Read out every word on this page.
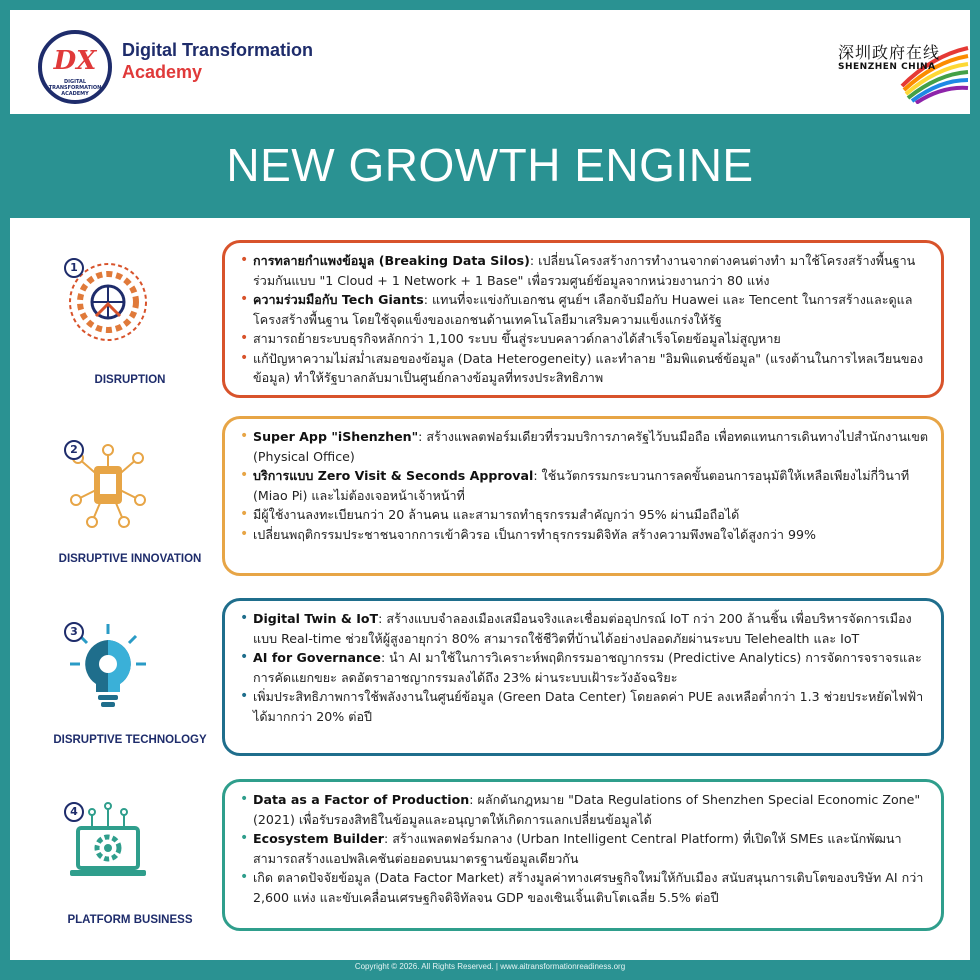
DX
DIGITAL TRANSFORMATION ACADEMY
Digital Transformation
Academy
深圳政府在线
SHENZHEN CHINA
NEW GROWTH ENGINE
1
DISRUPTION
• การทลายกำแพงข้อมูล (Breaking Data Silos): เปลี่ยนโครงสร้างการทำงานจากต่างคนต่างทำ มาใช้โครงสร้างพื้นฐานร่วมกันแบบ "1 Cloud + 1 Network + 1 Base" เพื่อรวมศูนย์ข้อมูลจากหน่วยงานกว่า 80 แห่ง
• ความร่วมมือกับ Tech Giants: แทนที่จะแข่งกับเอกชน ศูนย์ฯ เลือกจับมือกับ Huawei และ Tencent ในการสร้างและดูแลโครงสร้างพื้นฐาน โดยใช้จุดแข็งของเอกชนด้านเทคโนโลยีมาเสริมความแข็งแกร่งให้รัฐ
• สามารถย้ายระบบธุรกิจหลักกว่า 1,100 ระบบ ขึ้นสู่ระบบคลาวด์กลางได้สำเร็จโดยข้อมูลไม่สูญหาย
• แก้ปัญหาความไม่สม่ำเสมอของข้อมูล (Data Heterogeneity) และทำลาย "อิมพิแดนซ์ข้อมูล" (แรงต้านในการไหลเวียนของข้อมูล) ทำให้รัฐบาลกลับมาเป็นศูนย์กลางข้อมูลที่ทรงประสิทธิภาพ
2
DISRUPTIVE INNOVATION
• Super App "iShenzhen": สร้างแพลตฟอร์มเดียวที่รวมบริการภาครัฐไว้บนมือถือ เพื่อทดแทนการเดินทางไปสำนักงานเขต (Physical Office)
• บริการแบบ Zero Visit & Seconds Approval: ใช้นวัตกรรมกระบวนการลดขั้นตอนการอนุมัติให้เหลือเพียงไม่กี่วินาที (Miao Pi) และไม่ต้องเจอหน้าเจ้าหน้าที่
• มีผู้ใช้งานลงทะเบียนกว่า 20 ล้านคน และสามารถทำธุรกรรมสำคัญกว่า 95% ผ่านมือถือได้
• เปลี่ยนพฤติกรรมประชาชนจากการเข้าคิวรอ เป็นการทำธุรกรรมดิจิทัล สร้างความพึงพอใจได้สูงกว่า 99%
3
DISRUPTIVE TECHNOLOGY
• Digital Twin & IoT: สร้างแบบจำลองเมืองเสมือนจริงและเชื่อมต่ออุปกรณ์ IoT กว่า 200 ล้านชิ้น เพื่อบริหารจัดการเมืองแบบ Real-time ช่วยให้ผู้สูงอายุกว่า 80% สามารถใช้ชีวิตที่บ้านได้อย่างปลอดภัยผ่านระบบ Telehealth และ IoT
• AI for Governance: นำ AI มาใช้ในการวิเคราะห์พฤติกรรมอาชญากรรม (Predictive Analytics) การจัดการจราจรและการคัดแยกขยะ ลดอัตราอาชญากรรมลงได้ถึง 23% ผ่านระบบเฝ้าระวังอัจฉริยะ
• เพิ่มประสิทธิภาพการใช้พลังงานในศูนย์ข้อมูล (Green Data Center) โดยลดค่า PUE ลงเหลือต่ำกว่า 1.3 ช่วยประหยัดไฟฟ้าได้มากกว่า 20% ต่อปี
4
PLATFORM BUSINESS
• Data as a Factor of Production: ผลักดันกฎหมาย "Data Regulations of Shenzhen Special Economic Zone" (2021) เพื่อรับรองสิทธิในข้อมูลและอนุญาตให้เกิดการแลกเปลี่ยนข้อมูลได้
• Ecosystem Builder: สร้างแพลตฟอร์มกลาง (Urban Intelligent Central Platform) ที่เปิดให้ SMEs และนักพัฒนาสามารถสร้างแอปพลิเคชันต่อยอดบนมาตรฐานข้อมูลเดียวกัน
• เกิด ตลาดปัจจัยข้อมูล (Data Factor Market) สร้างมูลค่าทางเศรษฐกิจใหม่ให้กับเมือง สนับสนุนการเติบโตของบริษัท AI กว่า 2,600 แห่ง และขับเคลื่อนเศรษฐกิจดิจิทัลจน GDP ของเซินเจิ้นเติบโตเฉลี่ย 5.5% ต่อปี
Copyright © 2026. All Rights Reserved. | www.aitransformationreadiness.org
